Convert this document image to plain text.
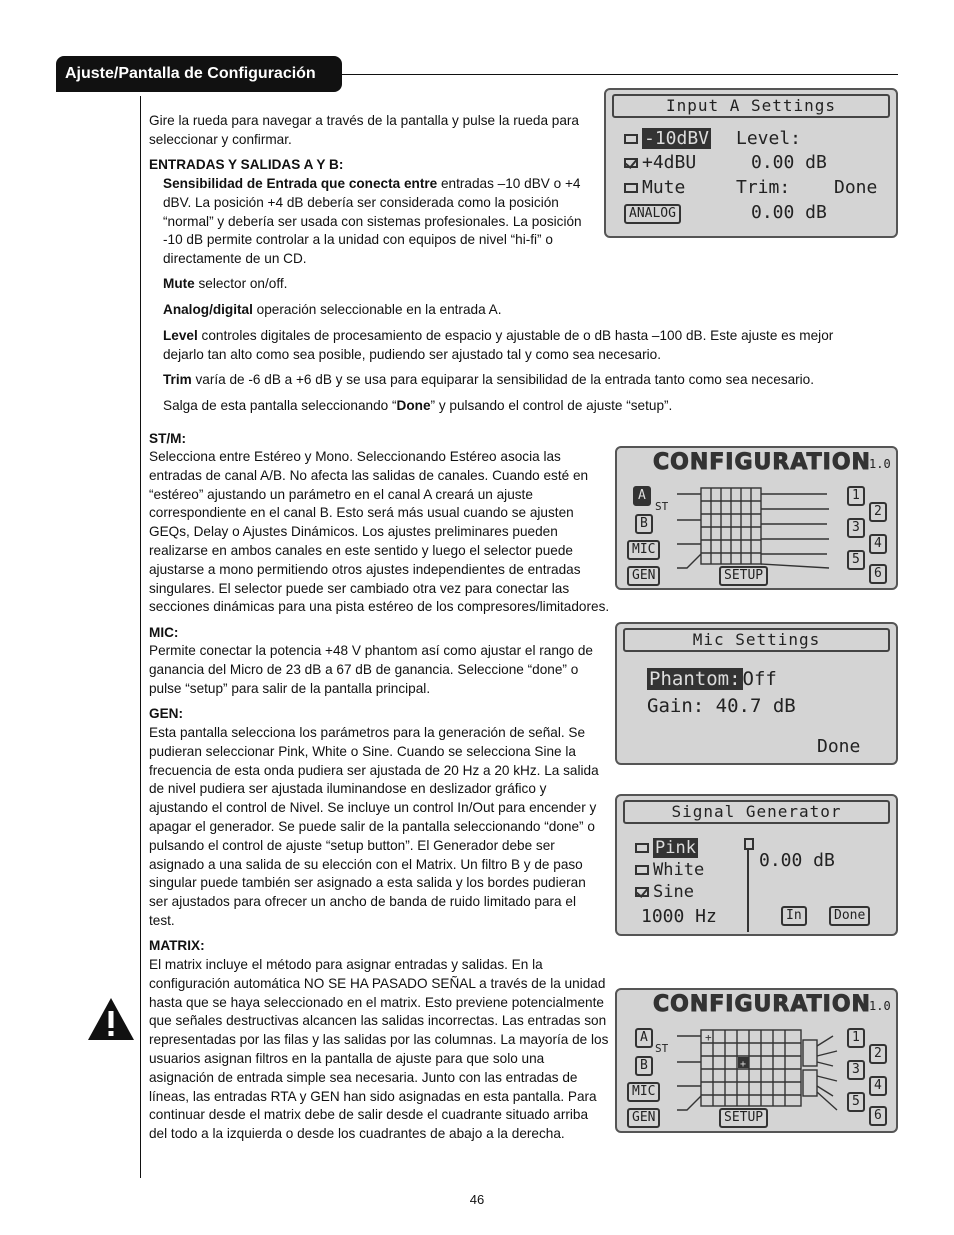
Ajuste/Pantalla de Configuración

Gire la rueda para navegar a través de la pantalla y pulse la rueda para seleccionar y confirmar.

ENTRADAS Y SALIDAS A Y B:

Sensibilidad de Entrada que conecta entre entradas –10 dBV o +4 dBV. La posición +4 dB debería ser considerada como la posición “normal” y debería ser usada con sistemas profesionales. La posición -10 dB permite controlar a la unidad con equipos de nivel “hi-fi” o directamente de un CD.

Mute selector on/off.

Analog/digital operación seleccionable en la entrada A.

Level controles digitales de procesamiento de espacio y ajustable de o dB hasta –100 dB. Este ajuste es mejor dejarlo tan alto como sea posible, pudiendo ser ajustado tal y como sea necesario.

Trim varía de -6 dB a +6 dB y se usa para equiparar la sensibilidad de la entrada tanto como sea necesario.

Salga de esta pantalla seleccionando “Done” y pulsando el control de ajuste “setup”.

ST/M:

Selecciona entre Estéreo y Mono. Seleccionando Estéreo asocia las entradas de canal A/B. No afecta las salidas de canales. Cuando esté en “estéreo” ajustando un parámetro en el canal A creará un ajuste correspondiente en el canal B. Esto será más usual cuando se ajusten GEQs, Delay o Ajustes Dinámicos. Los ajustes preliminares pueden realizarse en ambos canales en este sentido y luego el selector puede ajustarse a mono permitiendo otros ajustes independientes de entradas singulares. El selector puede ser cambiado otra vez para conectar las secciones dinámicas para una pista estéreo de los compresores/limitadores.

MIC:

Permite conectar la potencia +48 V phantom así como ajustar el rango de ganancia del Micro de 23 dB a 67 dB de ganancia. Seleccione “done” o pulse “setup” para salir de la pantalla principal.

GEN:

Esta pantalla selecciona los parámetros para la generación de señal. Se pudieran seleccionar Pink, White o Sine. Cuando se selecciona Sine la frecuencia de esta onda pudiera ser ajustada de 20 Hz a 20 kHz. La salida de nivel pudiera ser ajustada iluminandose en deslizador gráfico y ajustando el control de Nivel. Se incluye un control In/Out para encender y apagar el generador. Se puede salir de la pantalla seleccionando “done” o pulsando el control de ajuste “setup button”. El Generador debe ser asignado a una salida de su elección con el Matrix. Un filtro B y de paso singular puede también ser asignado a esta salida y los bordes pudieran ser ajustados para ofrecer un ancho de banda de ruido limitado para el test.

MATRIX:

El matrix incluye el método para asignar entradas y salidas. En la configuración automática NO SE HA PASADO SEÑAL a través de la unidad hasta que se haya seleccionado en el matrix. Esto previene potencialmente que señales destructivas alcancen las salidas incorrectas. Las entradas son representadas por las filas y las salidas por las columnas. La mayoría de los usuarios asignan filtros en la pantalla de ajuste para que solo una asignación de entrada simple sea necesaria. Junto con las entradas de líneas, las entradas RTA y GEN han sido asignadas en esta pantalla. Para continuar desde el matrix debe de salir desde el cuadrante situado arriba del todo a la izquierda o desde los cuadrantes de abajo a la derecha.

Input A Settings
-10dBV
+4dBU
Mute
ANALOG
Level:
0.00 dB
Trim: Done
0.00 dB
CONFIGURATION
1.0
A
B
ST
MIC
GEN	SETUP
1
2
3
4
5
6
Mic Settings
Phantom: Off
Gain: 40.7 dB
Done
Signal Generator
Pink
White
Sine
1000 Hz
0.00 dB
In	Done
CONFIGURATION
1.0
A
B
ST
MIC
GEN	SETUP
+
+
1
2
3
4
5
6
46
